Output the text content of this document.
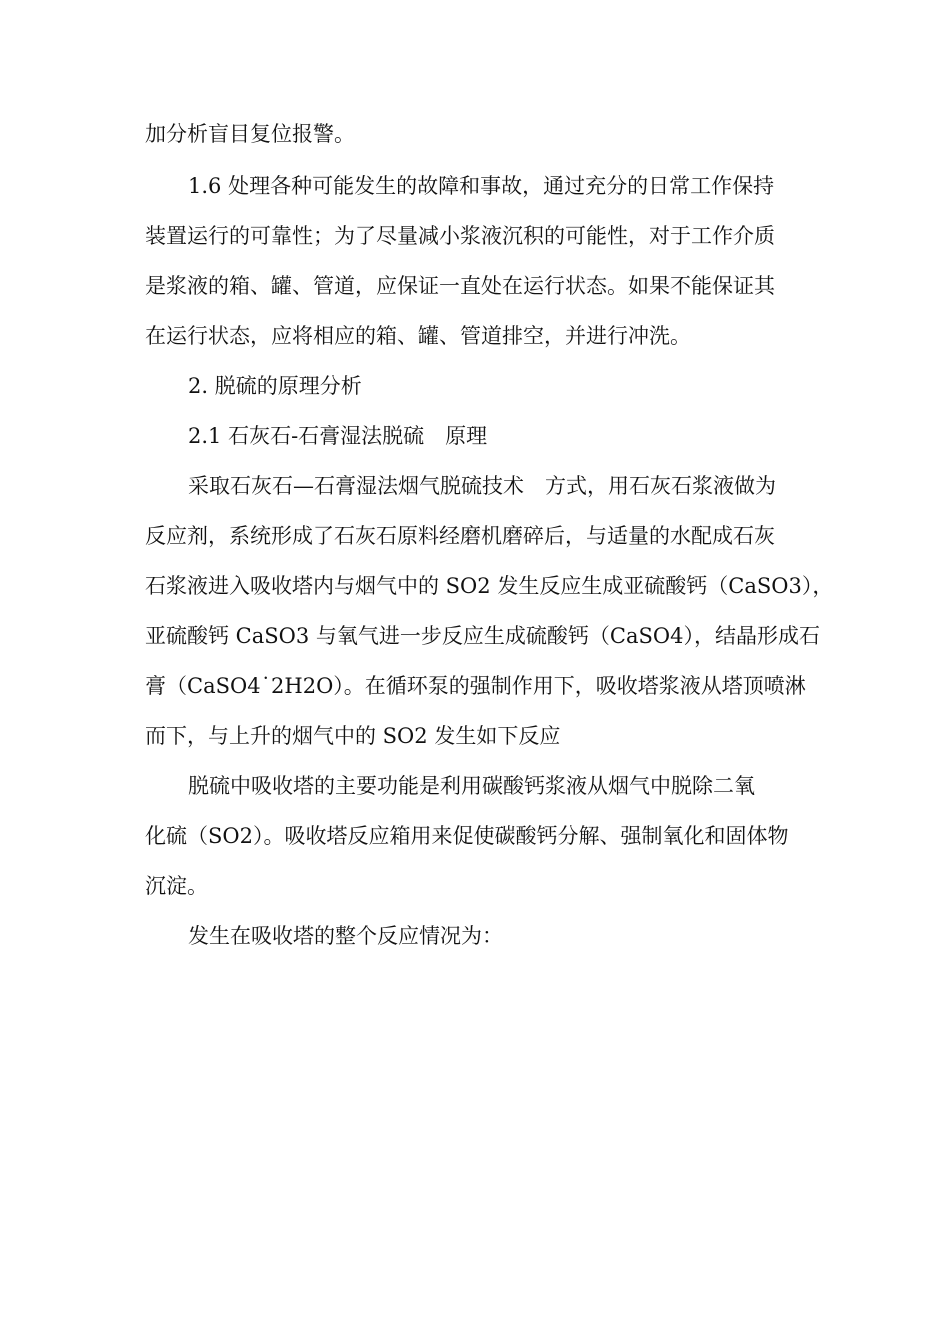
加分析盲目复位报警。
1.6 处理各种可能发生的故障和事故，通过充分的日常工作保持
装置运行的可靠性；为了尽量减小浆液沉积的可能性，对于工作介质
是浆液的箱、罐、管道，应保证一直处在运行状态。如果不能保证其
在运行状态，应将相应的箱、罐、管道排空，并进行冲洗。
2. 脱硫的原理分析
2.1 石灰石-石膏湿法脱硫　原理
采取石灰石—石膏湿法烟气脱硫技术　方式，用石灰石浆液做为
反应剂，系统形成了石灰石原料经磨机磨碎后，与适量的水配成石灰
石浆液进入吸收塔内与烟气中的 SO2 发生反应生成亚硫酸钙（CaSO3），
亚硫酸钙 CaSO3 与氧气进一步反应生成硫酸钙（CaSO4），结晶形成石
膏（CaSO4˙2H2O）。在循环泵的强制作用下，吸收塔浆液从塔顶喷淋
而下，与上升的烟气中的 SO2 发生如下反应
脱硫中吸收塔的主要功能是利用碳酸钙浆液从烟气中脱除二氧
化硫（SO2）。吸收塔反应箱用来促使碳酸钙分解、强制氧化和固体物
沉淀。
发生在吸收塔的整个反应情况为：
